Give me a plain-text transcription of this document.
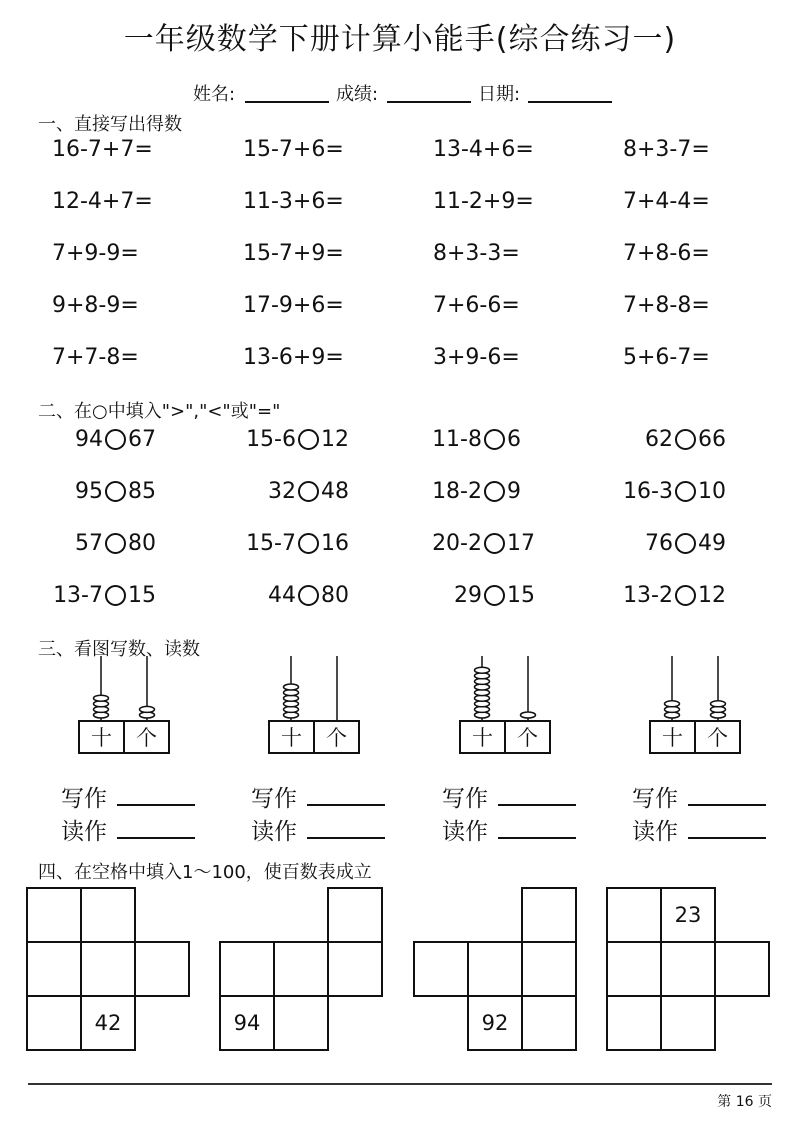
一年级数学下册计算小能手(综合练习一)
姓名:	成绩:	日期:
一、直接写出得数
16-7+7=	15-7+6=	13-4+6=	8+3-7=
12-4+7=	11-3+6=	11-2+9=	7+4-4=
7+9-9=	15-7+9=	8+3-3=	7+8-6=
9+8-9=	17-9+6=	7+6-6=	7+8-8=
7+7-8=	13-6+9=	3+9-6=	5+6-7=
二、在○中填入">","<"或"="
94 67	15-6 12	11-8 6	62 66
95 85	32 48	18-2 9	16-3 10
57 80	15-7 16	20-2 17	76 49
13-7 15	44 80	29 15	13-2 12
三、看图写数、读数
十	个
写作
读作
十	个
写作
读作
十	个
写作
读作
十	个
写作
读作
四、在空格中填入1～100，使百数表成立
42	94	92
23
第 16 页
